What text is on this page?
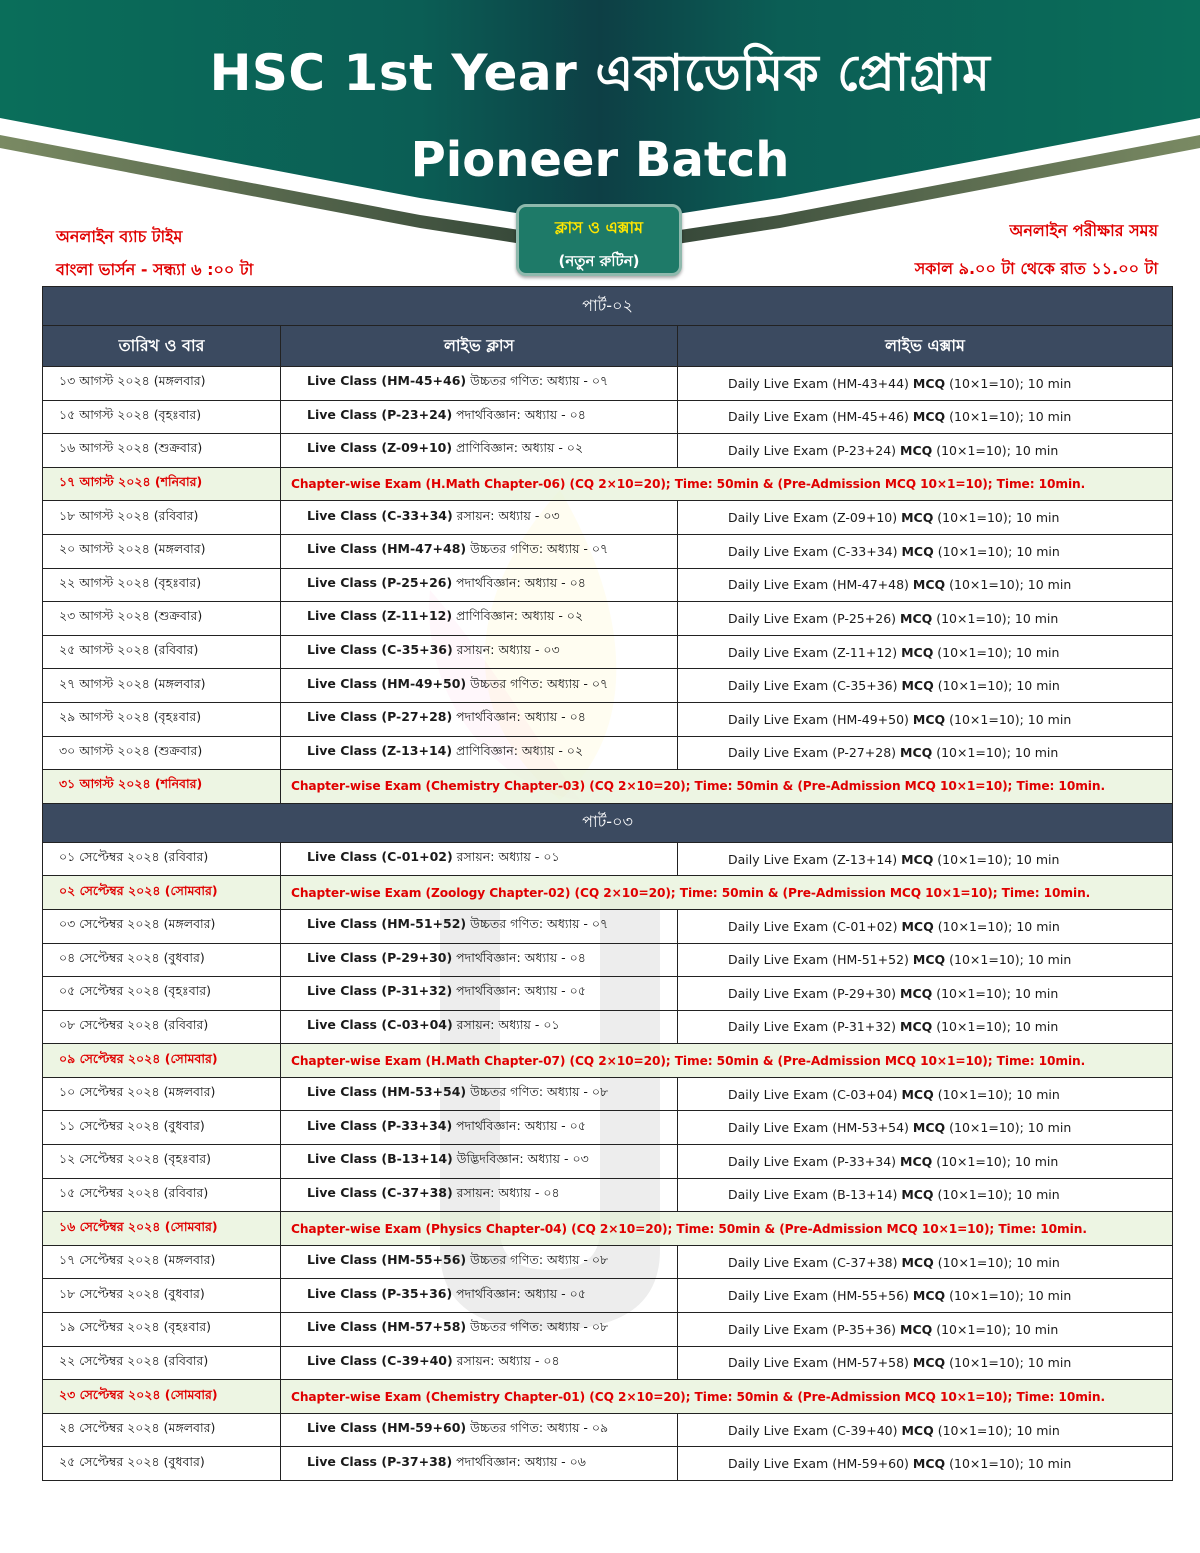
HSC 1st Year একাডেমিক প্রোগ্রাম
Pioneer Batch
অনলাইন ব্যাচ টাইম
বাংলা ভার্সন - সন্ধ্যা ৬ :০০ টা
ক্লাস ও এক্সাম
(নতুন রুটিন)
অনলাইন পরীক্ষার সময়
সকাল ৯.০০ টা থেকে রাত ১১.০০ টা
পার্ট-০২		
তারিখ ও বার	লাইভ ক্লাস	লাইভ এক্সাম
১৩ আগস্ট ২০২৪ (মঙ্গলবার)	Live Class (HM-45+46) উচ্চতর গণিত: অধ্যায় - ০৭	Daily Live Exam (HM-43+44) MCQ (10×1=10); 10 min
১৫ আগস্ট ২০২৪ (বৃহঃবার)	Live Class (P-23+24) পদার্থবিজ্ঞান: অধ্যায় - ০৪	Daily Live Exam (HM-45+46) MCQ (10×1=10); 10 min
১৬ আগস্ট ২০২৪ (শুক্রবার)	Live Class (Z-09+10) প্রাণিবিজ্ঞান: অধ্যায় - ০২	Daily Live Exam (P-23+24) MCQ (10×1=10); 10 min
১৭ আগস্ট ২০২৪ (শনিবার)	Chapter-wise Exam (H.Math Chapter-06) (CQ 2×10=20); Time: 50min & (Pre-Admission MCQ 10×1=10); Time: 10min.	
১৮ আগস্ট ২০২৪ (রবিবার)	Live Class (C-33+34) রসায়ন: অধ্যায় - ০৩	Daily Live Exam (Z-09+10) MCQ (10×1=10); 10 min
২০ আগস্ট ২০২৪ (মঙ্গলবার)	Live Class (HM-47+48) উচ্চতর গণিত: অধ্যায় - ০৭	Daily Live Exam (C-33+34) MCQ (10×1=10); 10 min
২২ আগস্ট ২০২৪ (বৃহঃবার)	Live Class (P-25+26) পদার্থবিজ্ঞান: অধ্যায় - ০৪	Daily Live Exam (HM-47+48) MCQ (10×1=10); 10 min
২৩ আগস্ট ২০২৪ (শুক্রবার)	Live Class (Z-11+12) প্রাণিবিজ্ঞান: অধ্যায় - ০২	Daily Live Exam (P-25+26) MCQ (10×1=10); 10 min
২৫ আগস্ট ২০২৪ (রবিবার)	Live Class (C-35+36) রসায়ন: অধ্যায় - ০৩	Daily Live Exam (Z-11+12) MCQ (10×1=10); 10 min
২৭ আগস্ট ২০২৪ (মঙ্গলবার)	Live Class (HM-49+50) উচ্চতর গণিত: অধ্যায় - ০৭	Daily Live Exam (C-35+36) MCQ (10×1=10); 10 min
২৯ আগস্ট ২০২৪ (বৃহঃবার)	Live Class (P-27+28) পদার্থবিজ্ঞান: অধ্যায় - ০৪	Daily Live Exam (HM-49+50) MCQ (10×1=10); 10 min
৩০ আগস্ট ২০২৪ (শুক্রবার)	Live Class (Z-13+14) প্রাণিবিজ্ঞান: অধ্যায় - ০২	Daily Live Exam (P-27+28) MCQ (10×1=10); 10 min
৩১ আগস্ট ২০২৪ (শনিবার)	Chapter-wise Exam (Chemistry Chapter-03) (CQ 2×10=20); Time: 50min & (Pre-Admission MCQ 10×1=10); Time: 10min.	
পার্ট-০৩		
০১ সেপ্টেম্বর ২০২৪ (রবিবার)	Live Class (C-01+02) রসায়ন: অধ্যায় - ০১	Daily Live Exam (Z-13+14) MCQ (10×1=10); 10 min
০২ সেপ্টেম্বর ২০২৪ (সোমবার)	Chapter-wise Exam (Zoology Chapter-02) (CQ 2×10=20); Time: 50min & (Pre-Admission MCQ 10×1=10); Time: 10min.	
০৩ সেপ্টেম্বর ২০২৪ (মঙ্গলবার)	Live Class (HM-51+52) উচ্চতর গণিত: অধ্যায় - ০৭	Daily Live Exam (C-01+02) MCQ (10×1=10); 10 min
০৪ সেপ্টেম্বর ২০২৪ (বুধবার)	Live Class (P-29+30) পদার্থবিজ্ঞান: অধ্যায় - ০৪	Daily Live Exam (HM-51+52) MCQ (10×1=10); 10 min
০৫ সেপ্টেম্বর ২০২৪ (বৃহঃবার)	Live Class (P-31+32) পদার্থবিজ্ঞান: অধ্যায় - ০৫	Daily Live Exam (P-29+30) MCQ (10×1=10); 10 min
০৮ সেপ্টেম্বর ২০২৪ (রবিবার)	Live Class (C-03+04) রসায়ন: অধ্যায় - ০১	Daily Live Exam (P-31+32) MCQ (10×1=10); 10 min
০৯ সেপ্টেম্বর ২০২৪ (সোমবার)	Chapter-wise Exam (H.Math Chapter-07) (CQ 2×10=20); Time: 50min & (Pre-Admission MCQ 10×1=10); Time: 10min.	
১০ সেপ্টেম্বর ২০২৪ (মঙ্গলবার)	Live Class (HM-53+54) উচ্চতর গণিত: অধ্যায় - ০৮	Daily Live Exam (C-03+04) MCQ (10×1=10); 10 min
১১ সেপ্টেম্বর ২০২৪ (বুধবার)	Live Class (P-33+34) পদার্থবিজ্ঞান: অধ্যায় - ০৫	Daily Live Exam (HM-53+54) MCQ (10×1=10); 10 min
১২ সেপ্টেম্বর ২০২৪ (বৃহঃবার)	Live Class (B-13+14) উদ্ভিদবিজ্ঞান: অধ্যায় - ০৩	Daily Live Exam (P-33+34) MCQ (10×1=10); 10 min
১৫ সেপ্টেম্বর ২০২৪ (রবিবার)	Live Class (C-37+38) রসায়ন: অধ্যায় - ০৪	Daily Live Exam (B-13+14) MCQ (10×1=10); 10 min
১৬ সেপ্টেম্বর ২০২৪ (সোমবার)	Chapter-wise Exam (Physics Chapter-04) (CQ 2×10=20); Time: 50min & (Pre-Admission MCQ 10×1=10); Time: 10min.	
১৭ সেপ্টেম্বর ২০২৪ (মঙ্গলবার)	Live Class (HM-55+56) উচ্চতর গণিত: অধ্যায় - ০৮	Daily Live Exam (C-37+38) MCQ (10×1=10); 10 min
১৮ সেপ্টেম্বর ২০২৪ (বুধবার)	Live Class (P-35+36) পদার্থবিজ্ঞান: অধ্যায় - ০৫	Daily Live Exam (HM-55+56) MCQ (10×1=10); 10 min
১৯ সেপ্টেম্বর ২০২৪ (বৃহঃবার)	Live Class (HM-57+58) উচ্চতর গণিত: অধ্যায় - ০৮	Daily Live Exam (P-35+36) MCQ (10×1=10); 10 min
২২ সেপ্টেম্বর ২০২৪ (রবিবার)	Live Class (C-39+40) রসায়ন: অধ্যায় - ০৪	Daily Live Exam (HM-57+58) MCQ (10×1=10); 10 min
২৩ সেপ্টেম্বর ২০২৪ (সোমবার)	Chapter-wise Exam (Chemistry Chapter-01) (CQ 2×10=20); Time: 50min & (Pre-Admission MCQ 10×1=10); Time: 10min.	
২৪ সেপ্টেম্বর ২০২৪ (মঙ্গলবার)	Live Class (HM-59+60) উচ্চতর গণিত: অধ্যায় - ০৯	Daily Live Exam (C-39+40) MCQ (10×1=10); 10 min
২৫ সেপ্টেম্বর ২০২৪ (বুধবার)	Live Class (P-37+38) পদার্থবিজ্ঞান: অধ্যায় - ০৬	Daily Live Exam (HM-59+60) MCQ (10×1=10); 10 min
